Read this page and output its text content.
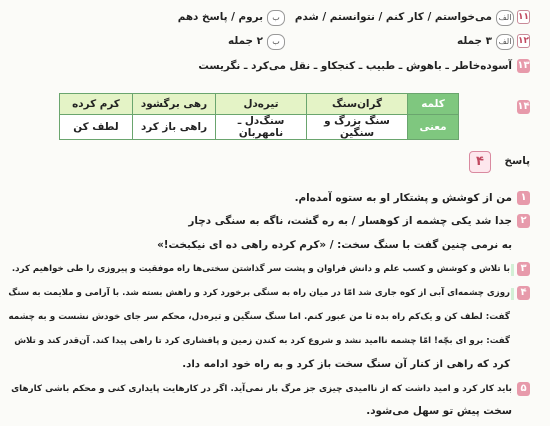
۱۱
الف
می‌خواستم / کار کنم / نتوانستم / شدم
ب
بروم / پاسخ دهم
۱۲
الف
۳ جمله
ب
۲ جمله
۱۳
آسوده‌خاطر ـ باهوش ـ طبیب ـ کنجکاو ـ نقل می‌کرد ـ نگریست
۱۴
کلمه	گران‌سنگ	تیره‌دل	رهی برگشود	کرم کرده
معنی	سنگ بزرگ و سنگین	سنگ‌دل ـ نامهربان	راهی باز کرد	لطف کن
پاسخ
۴
۱
من از کوشش و پشتکار او به ستوه آمده‌ام.
۲
جدا شد یکی چشمه از کوهسار / به ره گشت، ناگه به سنگی دچار
به نرمی چنین گفت با سنگ سخت: / «کرم کرده راهی ده ای نیکبخت!»
۳
با تلاش و کوشش و کسب علم و دانش فراوان و پشت سر گذاشتن سختی‌ها راه موفقیت و پیروزی را طی خواهیم کرد.
۴
روزی چشمه‌ای آبی از کوه جاری شد امّا در میان راه به سنگی برخورد کرد و راهش بسته شد. با آرامی و ملایمت به سنگ
گفت: لطف کن و یک‌کم راه بده تا من عبور کنم. اما سنگ سنگین و تیره‌دل، محکم سر جای خودش نشست و به چشمه
گفت: برو ای بچّه! امّا چشمه ناامید نشد و شروع کرد به کندن زمین و پافشاری کرد تا راهی پیدا کند. آن‌قدر کند و تلاش
کرد که راهی از کنار آن سنگ سخت باز کرد و به راه خود ادامه داد.
۵
باید کار کرد و امید داشت که از ناامیدی چیزی جز مرگ بار نمی‌آید. اگر در کارهایت پایداری کنی و محکم باشی کارهای
سخت پیش تو سهل می‌شود.
